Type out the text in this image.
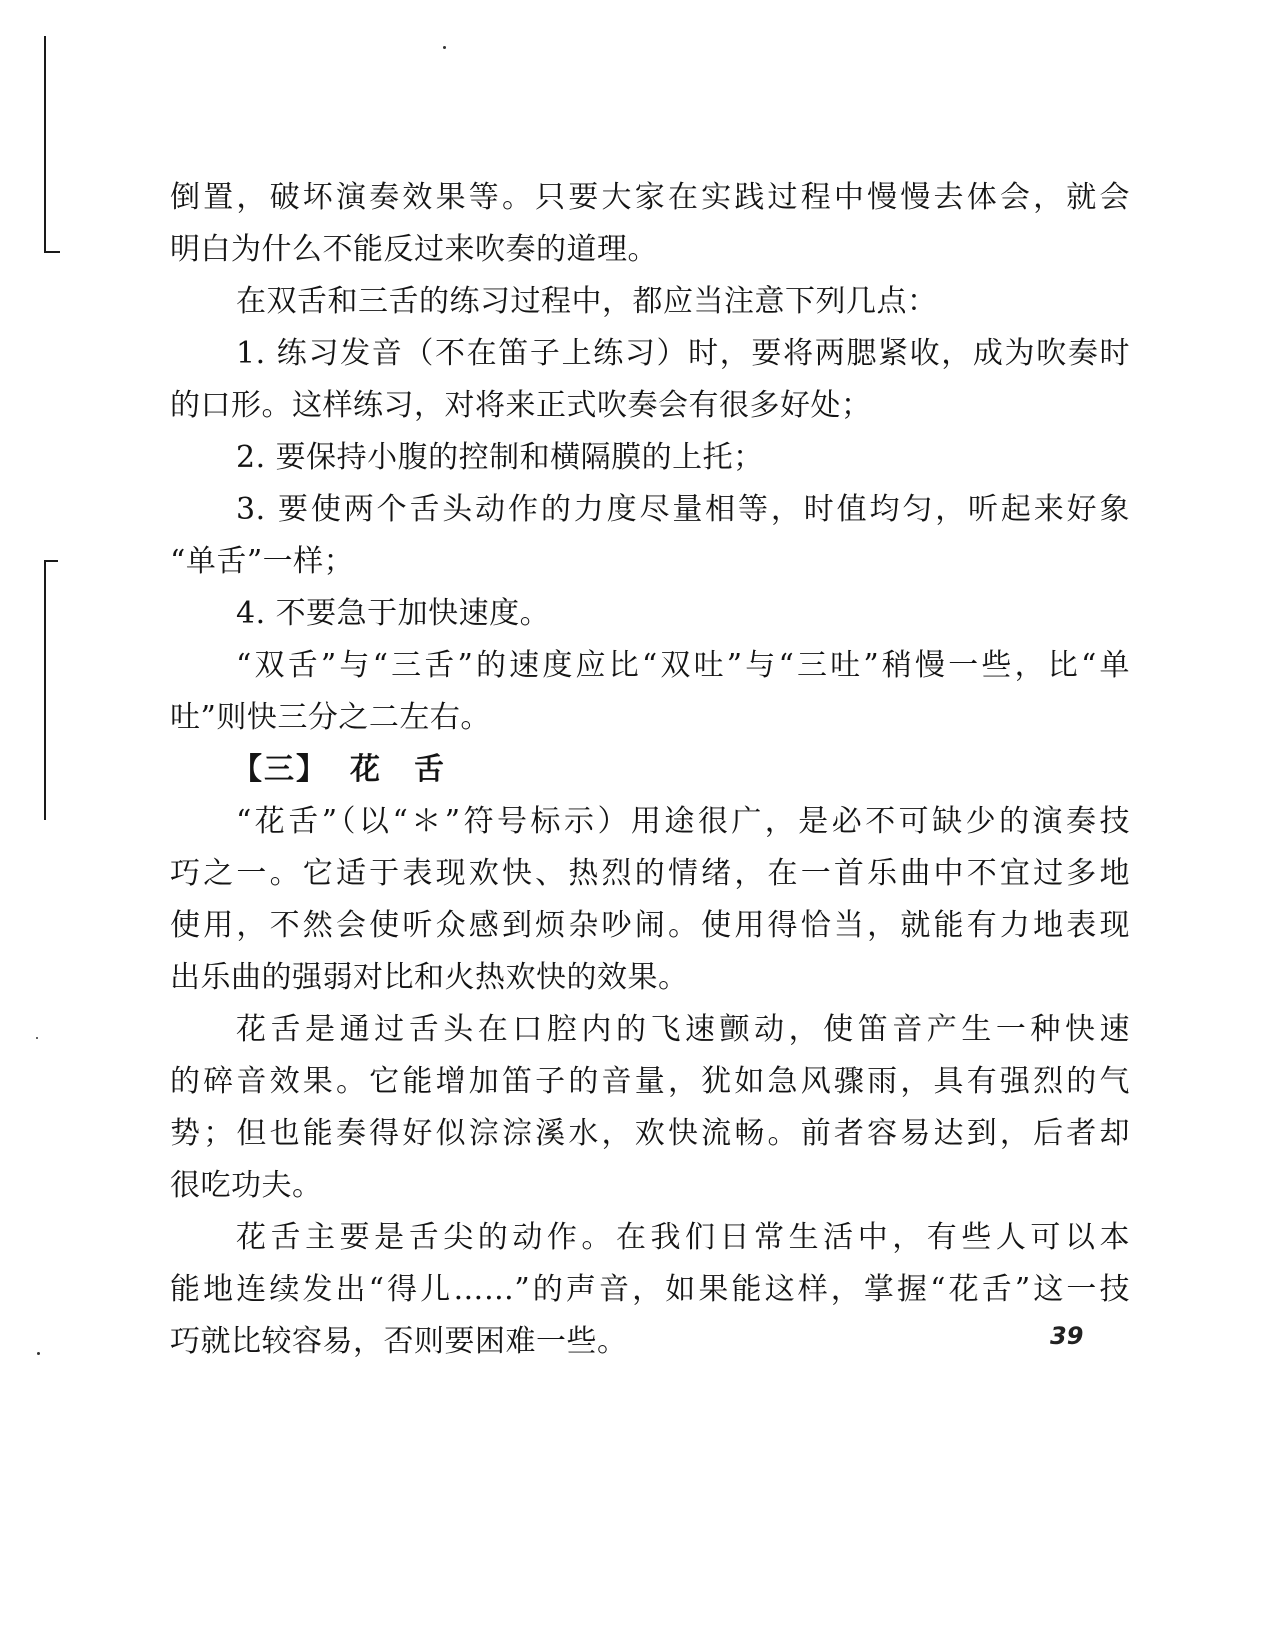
倒置，破坏演奏效果等。只要大家在实践过程中慢慢去体会，就会
明白为什么不能反过来吹奏的道理。
在双舌和三舌的练习过程中，都应当注意下列几点：
1. 练习发音（不在笛子上练习）时，要将两腮紧收，成为吹奏时
的口形。这样练习，对将来正式吹奏会有很多好处；
2. 要保持小腹的控制和横隔膜的上托；
3. 要使两个舌头动作的力度尽量相等，时值均匀，听起来好象
“单舌”一样；
4. 不要急于加快速度。
“双舌”与“三舌”的速度应比“双吐”与“三吐”稍慢一些，比“单
吐”则快三分之二左右。
【三】 花舌
“花舌”（以“＊”符号标示）用途很广，是必不可缺少的演奏技
巧之一。它适于表现欢快、热烈的情绪，在一首乐曲中不宜过多地
使用，不然会使听众感到烦杂吵闹。使用得恰当，就能有力地表现
出乐曲的强弱对比和火热欢快的效果。
花舌是通过舌头在口腔内的飞速颤动，使笛音产生一种快速
的碎音效果。它能增加笛子的音量，犹如急风骤雨，具有强烈的气
势；但也能奏得好似淙淙溪水，欢快流畅。前者容易达到，后者却
很吃功夫。
花舌主要是舌尖的动作。在我们日常生活中，有些人可以本
能地连续发出“得儿……”的声音，如果能这样，掌握“花舌”这一技
巧就比较容易，否则要困难一些。	39
